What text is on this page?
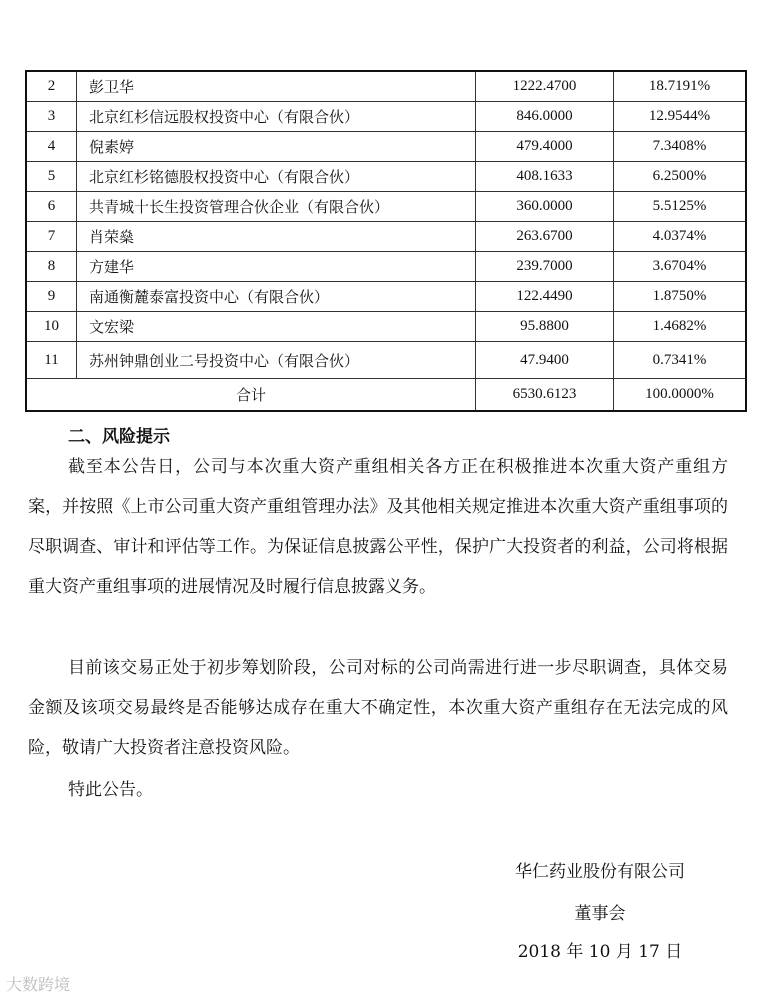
2	彭卫华	1222.4700	18.7191%
3	北京红杉信远股权投资中心（有限合伙）	846.0000	12.9544%
4	倪素婷	479.4000	7.3408%
5	北京红杉铭德股权投资中心（有限合伙）	408.1633	6.2500%
6	共青城十长生投资管理合伙企业（有限合伙）	360.0000	5.5125%
7	肖荣燊	263.6700	4.0374%
8	方建华	239.7000	3.6704%
9	南通衡麓泰富投资中心（有限合伙）	122.4490	1.8750%
10	文宏梁	95.8800	1.4682%
11	苏州钟鼎创业二号投资中心（有限合伙）	47.9400	0.7341%
合计		6530.6123	100.0000%
二、风险提示
截至本公告日，公司与本次重大资产重组相关各方正在积极推进本次重大资产重组方案，并按照《上市公司重大资产重组管理办法》及其他相关规定推进本次重大资产重组事项的尽职调查、审计和评估等工作。为保证信息披露公平性，保护广大投资者的利益，公司将根据重大资产重组事项的进展情况及时履行信息披露义务。
目前该交易正处于初步筹划阶段，公司对标的公司尚需进行进一步尽职调查，具体交易金额及该项交易最终是否能够达成存在重大不确定性，本次重大资产重组存在无法完成的风险，敬请广大投资者注意投资风险。
特此公告。
华仁药业股份有限公司
董事会
2018 年 10 月 17 日
大数跨境
